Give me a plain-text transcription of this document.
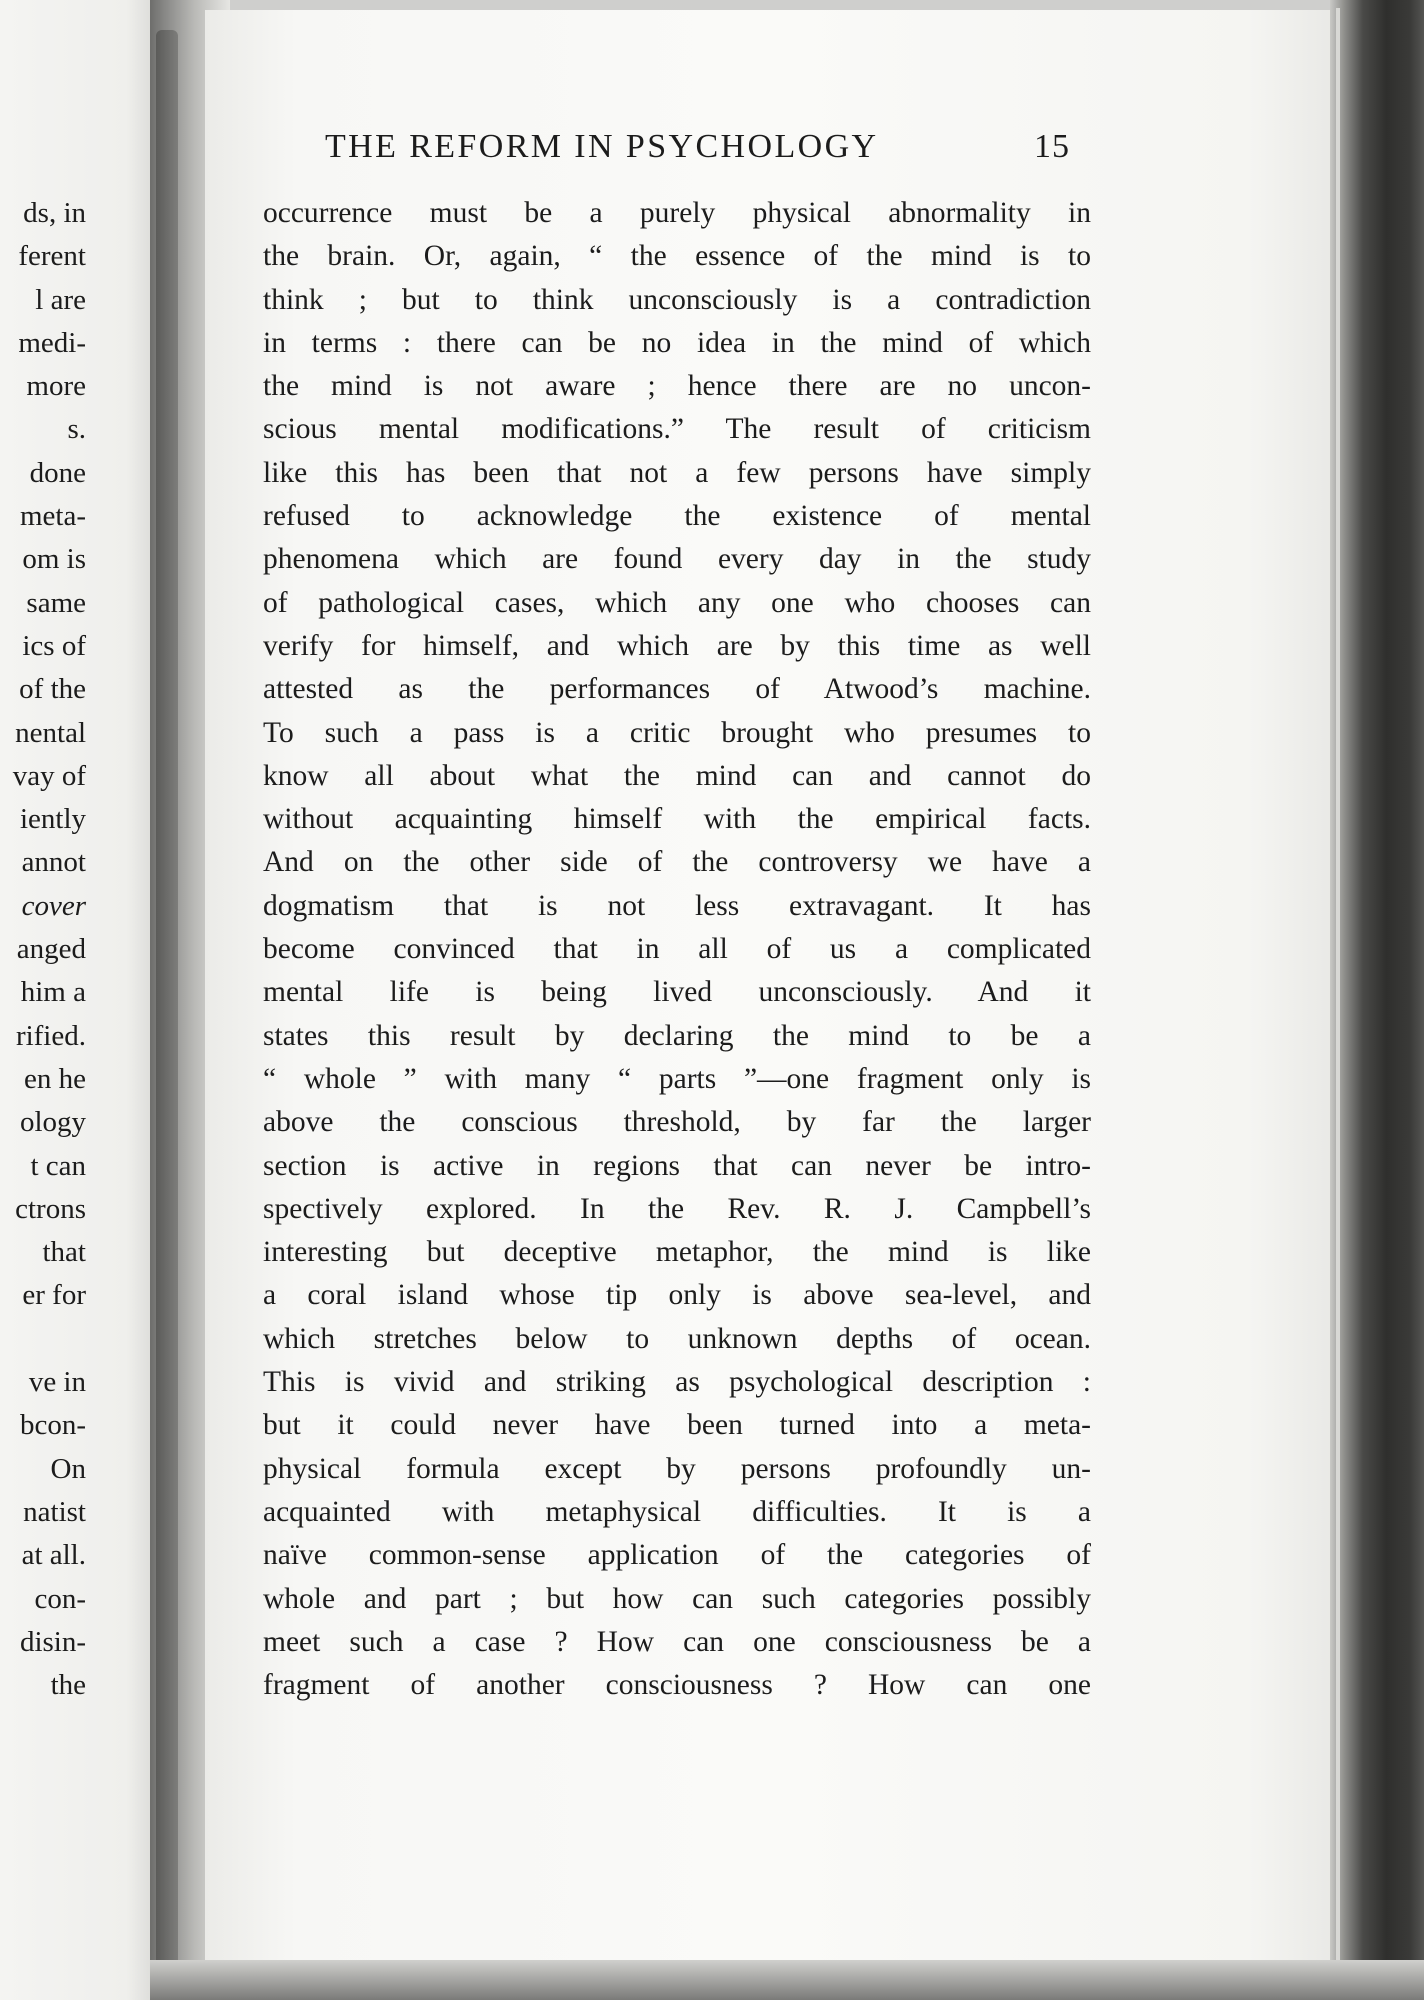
ds, in
ferent
l are
medi-
more
s.
done
meta-
om is
same
ics of
of the
nental
vay of
iently
annot
cover
anged
him a
rified.
en he
ology
t can
ctrons
that
er for
ve in
bcon-
On
natist
at all.
con-
disin-
the
THE REFORM IN PSYCHOLOGY	15
occurrence must be a purely physical abnormality in
the brain. Or, again, “ the essence of the mind is to
think ; but to think unconsciously is a contradiction
in terms : there can be no idea in the mind of which
the mind is not aware ; hence there are no uncon-
scious mental modifications.” The result of criticism
like this has been that not a few persons have simply
refused to acknowledge the existence of mental
phenomena which are found every day in the study
of pathological cases, which any one who chooses can
verify for himself, and which are by this time as well
attested as the performances of Atwood’s machine.
To such a pass is a critic brought who presumes to
know all about what the mind can and cannot do
without acquainting himself with the empirical facts.
And on the other side of the controversy we have a
dogmatism that is not less extravagant. It has
become convinced that in all of us a complicated
mental life is being lived unconsciously. And it
states this result by declaring the mind to be a
“ whole ” with many “ parts ”—one fragment only is
above the conscious threshold, by far the larger
section is active in regions that can never be intro-
spectively explored. In the Rev. R. J. Campbell’s
interesting but deceptive metaphor, the mind is like
a coral island whose tip only is above sea-level, and
which stretches below to unknown depths of ocean.
This is vivid and striking as psychological description :
but it could never have been turned into a meta-
physical formula except by persons profoundly un-
acquainted with metaphysical difficulties. It is a
naïve common-sense application of the categories of
whole and part ; but how can such categories possibly
meet such a case ? How can one consciousness be a
fragment of another consciousness ? How can one
